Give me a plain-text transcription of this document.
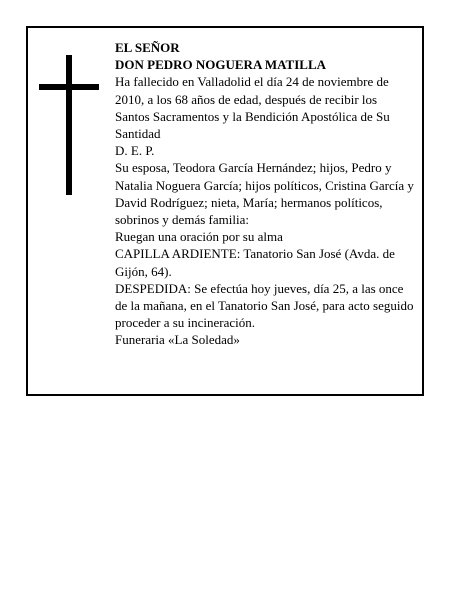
EL SEÑOR

DON PEDRO NOGUERA MATILLA

Ha fallecido en Valladolid el día 24 de noviembre de 2010, a los 68 años de edad, después de recibir los Santos Sacramentos y la Bendición Apostólica de Su Santidad

D. E. P.

Su esposa, Teodora García Hernández; hijos, Pedro y Natalia Noguera García; hijos políticos, Cristina García y David Rodríguez; nieta, María; hermanos políticos, sobrinos y demás familia:

Ruegan una oración por su alma

CAPILLA ARDIENTE: Tanatorio San José (Avda. de Gijón, 64).

DESPEDIDA: Se efectúa hoy jueves, día 25, a las once de la mañana, en el Tanatorio San José, para acto seguido proceder a su incineración.

Funeraria «La Soledad»
